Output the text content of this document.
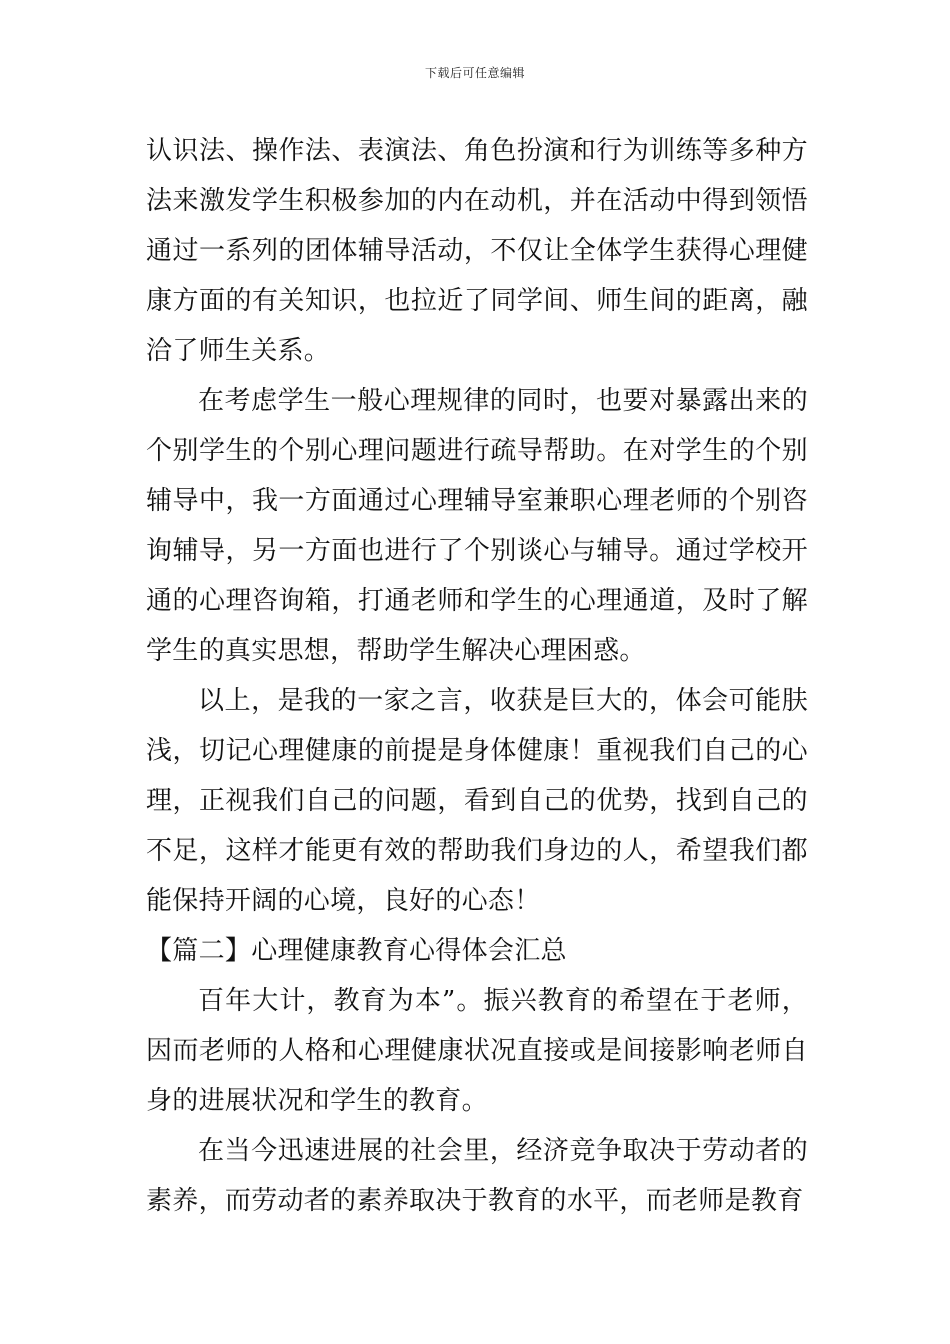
下载后可任意编辑

认识法、操作法、表演法、角色扮演和行为训练等多种方法来激发学生积极参加的内在动机，并在活动中得到领悟通过一系列的团体辅导活动，不仅让全体学生获得心理健康方面的有关知识，也拉近了同学间、师生间的距离，融洽了师生关系。

在考虑学生一般心理规律的同时，也要对暴露出来的个别学生的个别心理问题进行疏导帮助。在对学生的个别辅导中，我一方面通过心理辅导室兼职心理老师的个别咨询辅导，另一方面也进行了个别谈心与辅导。通过学校开通的心理咨询箱，打通老师和学生的心理通道，及时了解学生的真实思想，帮助学生解决心理困惑。

以上，是我的一家之言，收获是巨大的，体会可能肤浅，切记心理健康的前提是身体健康！重视我们自己的心理，正视我们自己的问题，看到自己的优势，找到自己的不足，这样才能更有效的帮助我们身边的人，希望我们都能保持开阔的心境，良好的心态！

【篇二】心理健康教育心得体会汇总

百年大计，教育为本”。振兴教育的希望在于老师，因而老师的人格和心理健康状况直接或是间接影响老师自身的进展状况和学生的教育。

在当今迅速进展的社会里，经济竞争取决于劳动者的素养，而劳动者的素养取决于教育的水平，而老师是教育
